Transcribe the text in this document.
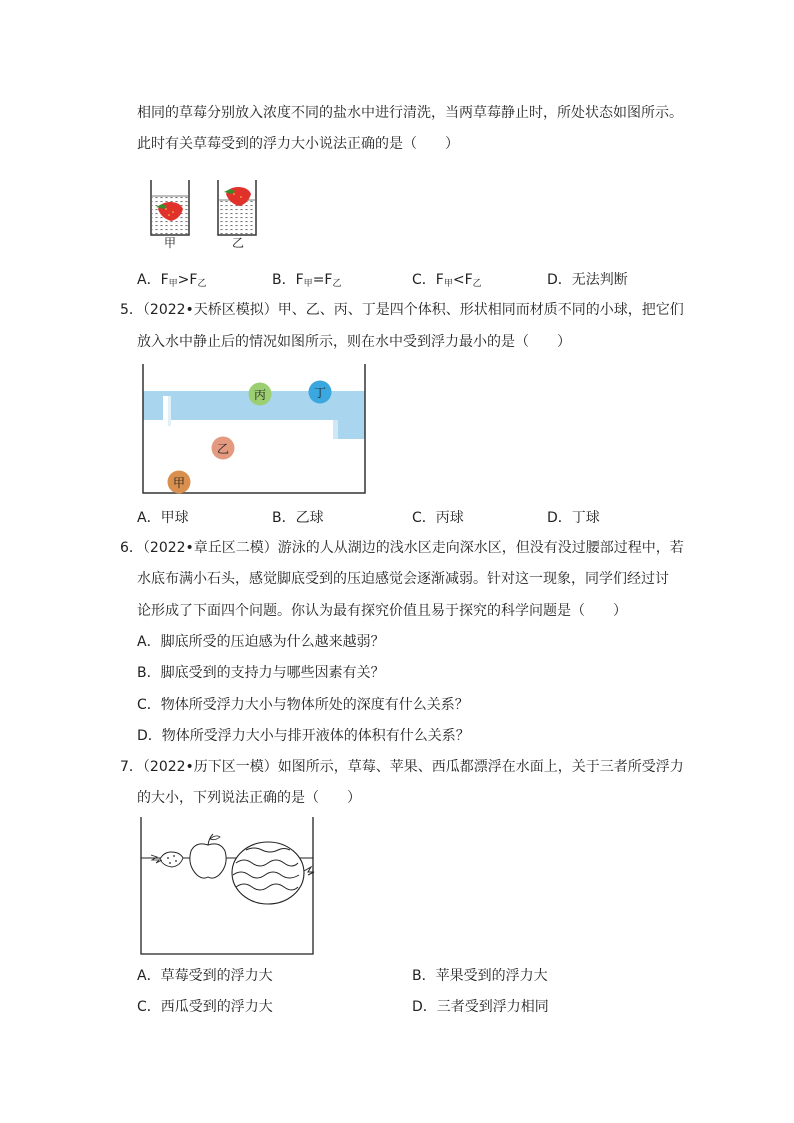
相同的草莓分别放入浓度不同的盐水中进行清洗，当两草莓静止时，所处状态如图所示。
此时有关草莓受到的浮力大小说法正确的是（　　）
甲	乙
A．$F_甲>F_乙$	B．$F_甲=F_乙$	C．$F_甲<F_乙$	D．无法判断
5．（2022•天桥区模拟）甲、乙、丙、丁是四个体积、形状相同而材质不同的小球，把它们
放入水中静止后的情况如图所示，则在水中受到浮力最小的是（　　）
丙	丁
乙
甲
A．甲球	B．乙球	C．丙球	D．丁球
6．（2022•章丘区二模）游泳的人从湖边的浅水区走向深水区，但没有没过腰部过程中，若
水底布满小石头，感觉脚底受到的压迫感觉会逐渐减弱。针对这一现象，同学们经过讨
论形成了下面四个问题。你认为最有探究价值且易于探究的科学问题是（　　）
A．脚底所受的压迫感为什么越来越弱？
B．脚底受到的支持力与哪些因素有关？
C．物体所受浮力大小与物体所处的深度有什么关系？
D．物体所受浮力大小与排开液体的体积有什么关系？
7．（2022•历下区一模）如图所示，草莓、苹果、西瓜都漂浮在水面上，关于三者所受浮力
的大小，下列说法正确的是（　　）
A．草莓受到的浮力大	B．苹果受到的浮力大
C．西瓜受到的浮力大	D．三者受到浮力相同
